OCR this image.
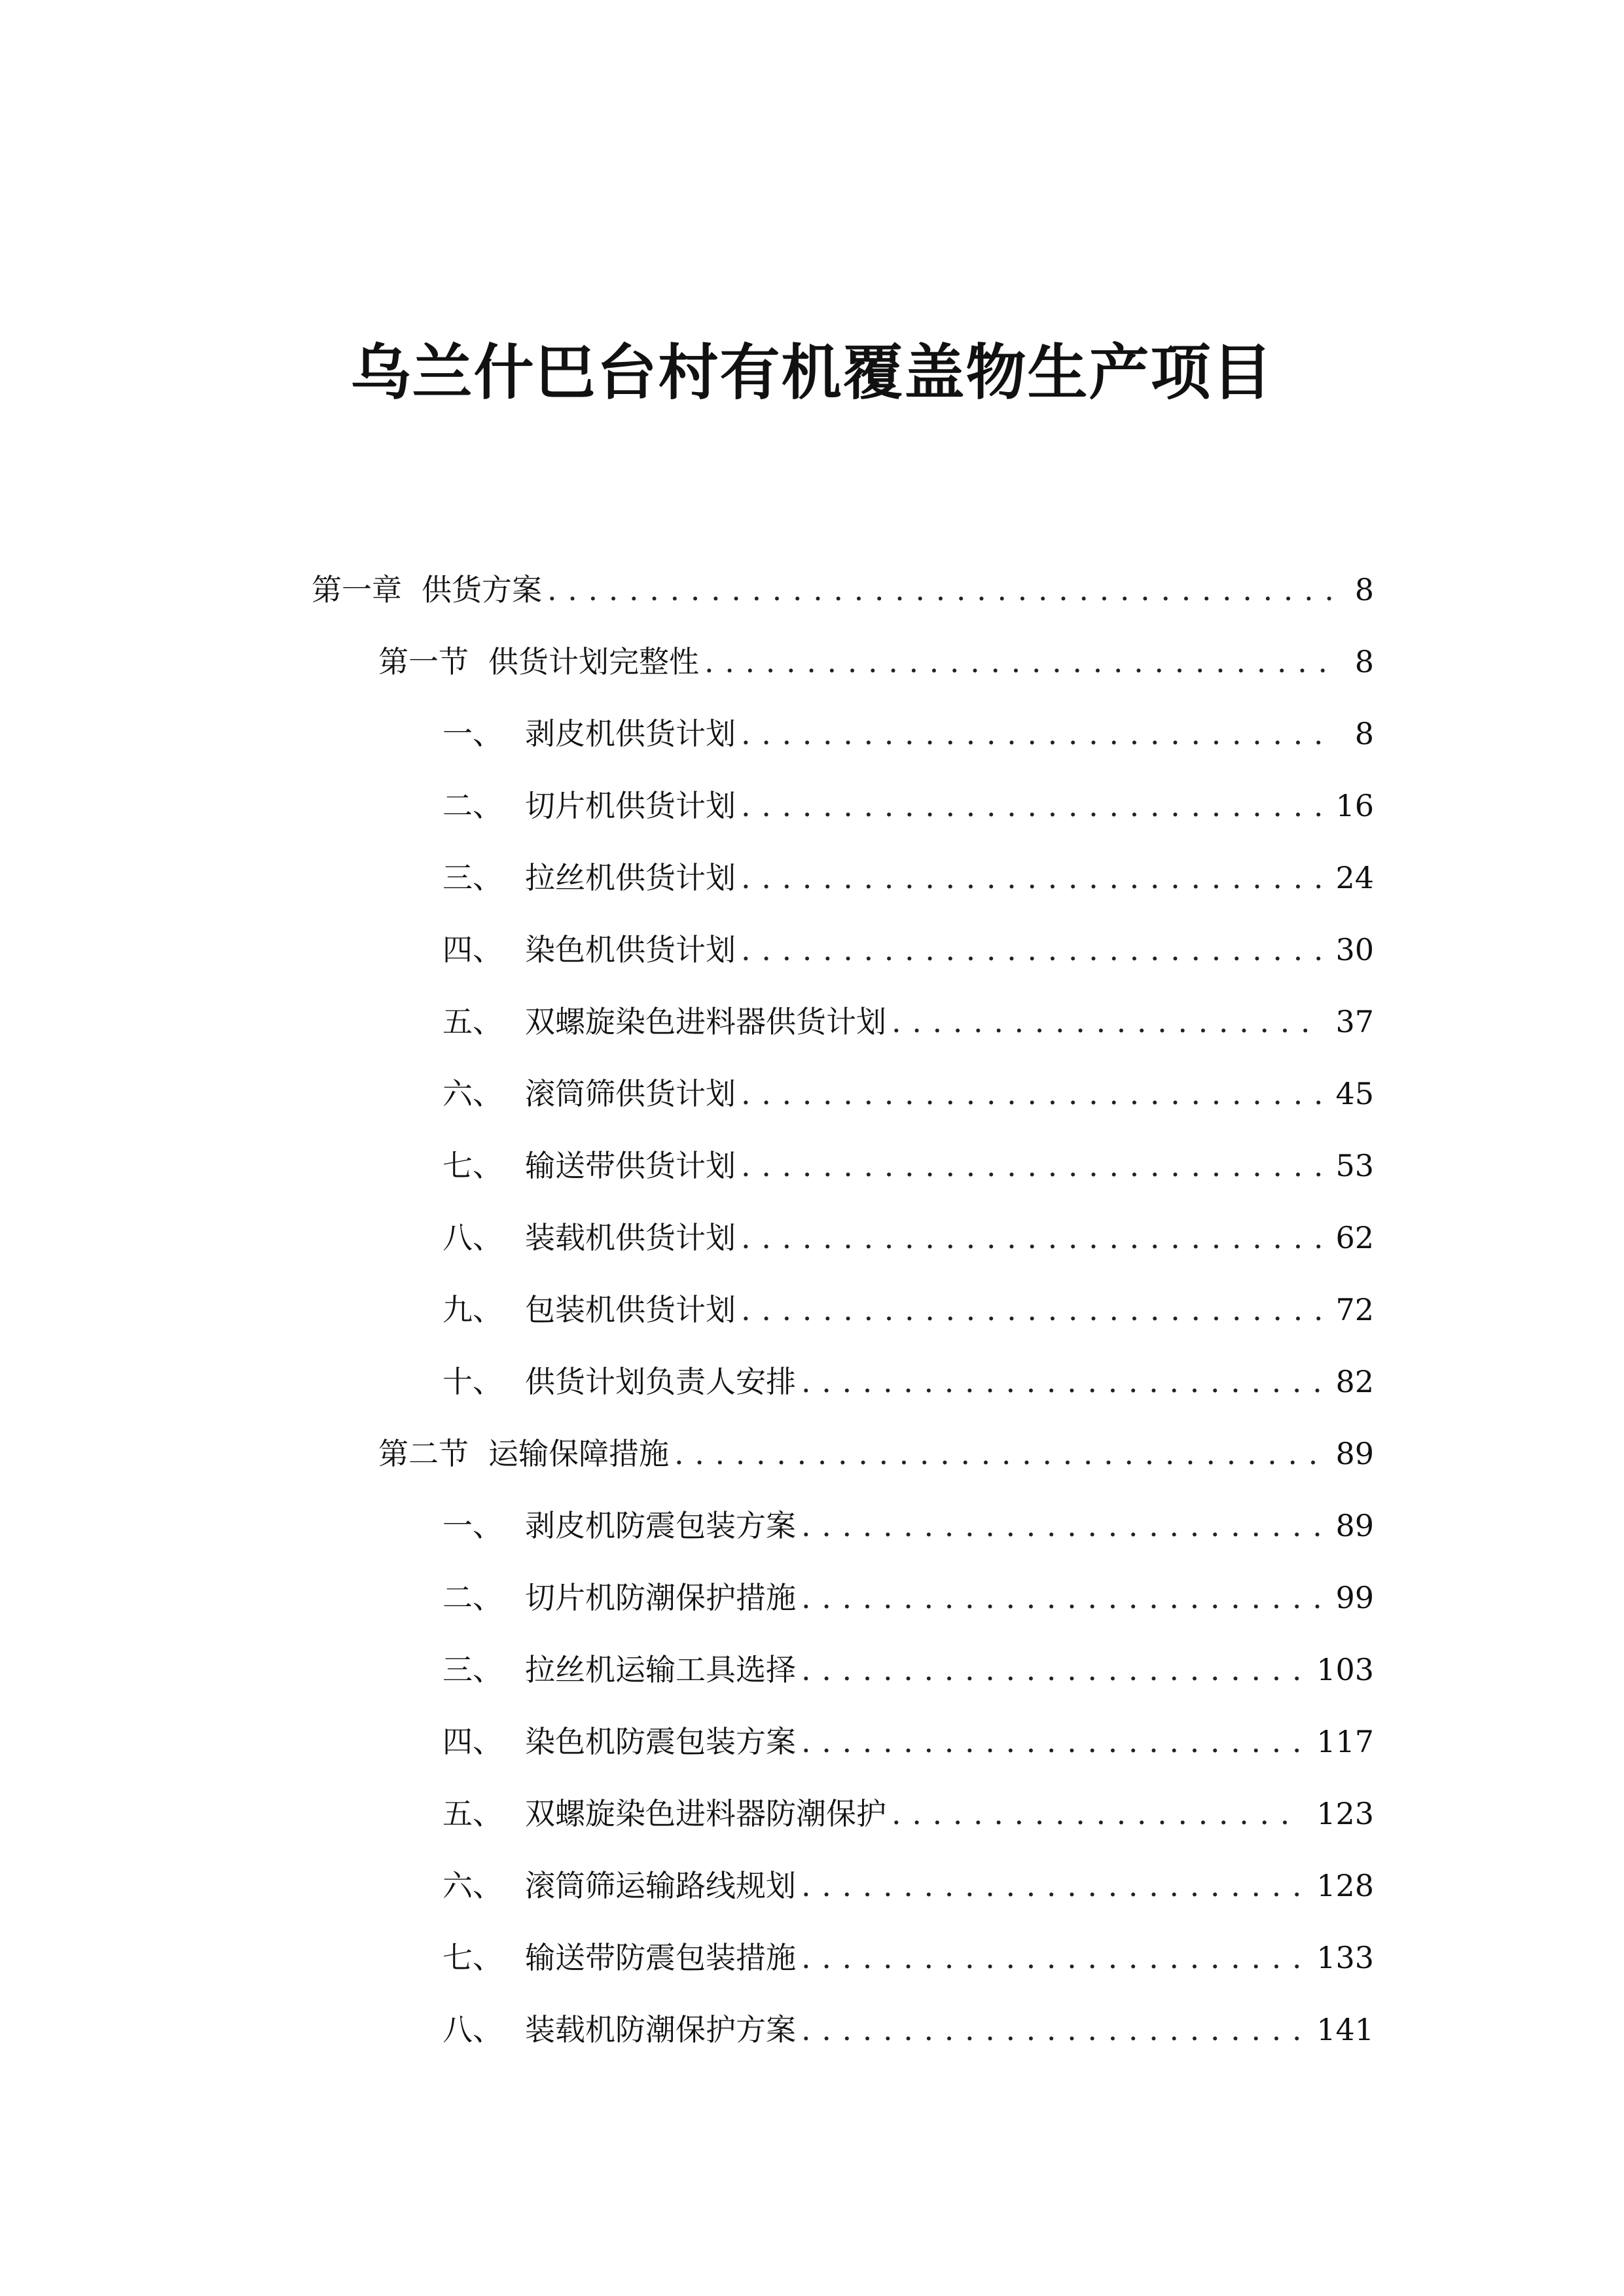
乌兰什巴台村有机覆盖物生产项目
第一章 供货方案 . . .	8
第一节 供货计划完整性 . . .	8
一、 剥皮机供货计划 . . .	8
二、 切片机供货计划 . . .	16
三、 拉丝机供货计划 . . .	24
四、 染色机供货计划 . . .	30
五、 双螺旋染色进料器供货计划 . . .	37
六、 滚筒筛供货计划 . . .	45
七、 输送带供货计划 . . .	53
八、 装载机供货计划 . . .	62
九、 包装机供货计划 . . .	72
十、 供货计划负责人安排 . . .	82
第二节 运输保障措施 . . .	89
一、 剥皮机防震包装方案 . . .	89
二、 切片机防潮保护措施 . . .	99
三、 拉丝机运输工具选择 . . .	103
四、 染色机防震包装方案 . . .	117
五、 双螺旋染色进料器防潮保护 . . .	123
六、 滚筒筛运输路线规划 . . .	128
七、 输送带防震包装措施 . . .	133
八、 装载机防潮保护方案 . . .	141
